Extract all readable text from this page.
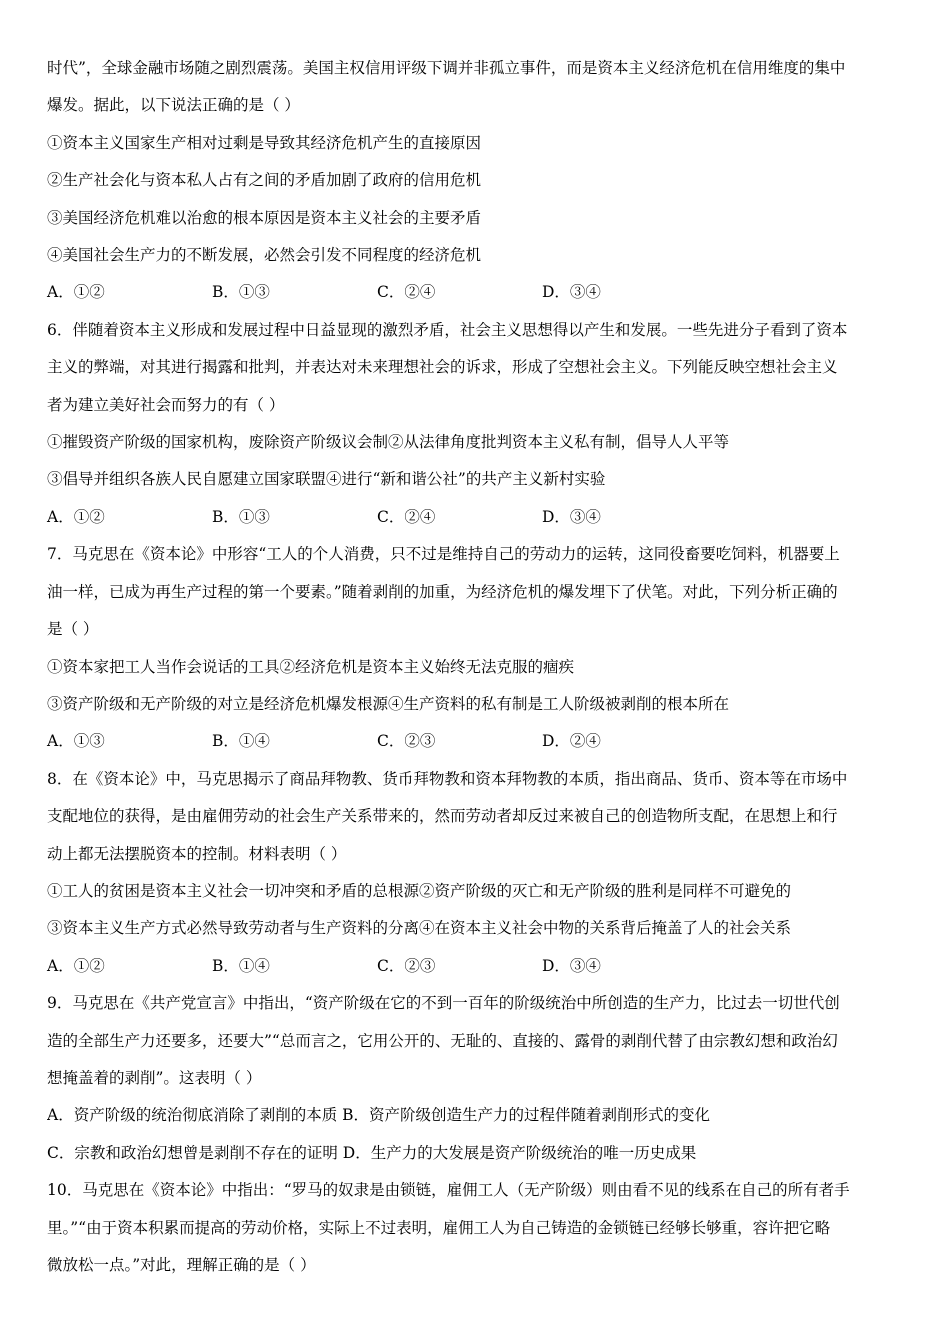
时代”，全球金融市场随之剧烈震荡。美国主权信用评级下调并非孤立事件，而是资本主义经济危机在信用维度的集中
爆发。据此，以下说法正确的是（ ）
①资本主义国家生产相对过剩是导致其经济危机产生的直接原因
②生产社会化与资本私人占有之间的矛盾加剧了政府的信用危机
③美国经济危机难以治愈的根本原因是资本主义社会的主要矛盾
④美国社会生产力的不断发展，必然会引发不同程度的经济危机
A．①②	B．①③	C．②④	D．③④
6．伴随着资本主义形成和发展过程中日益显现的激烈矛盾，社会主义思想得以产生和发展。一些先进分子看到了资本
主义的弊端，对其进行揭露和批判，并表达对未来理想社会的诉求，形成了空想社会主义。下列能反映空想社会主义
者为建立美好社会而努力的有（ ）
①摧毁资产阶级的国家机构，废除资产阶级议会制②从法律角度批判资本主义私有制，倡导人人平等
③倡导并组织各族人民自愿建立国家联盟④进行“新和谐公社”的共产主义新村实验
A．①②	B．①③	C．②④	D．③④
7．马克思在《资本论》中形容“工人的个人消费，只不过是维持自己的劳动力的运转，这同役畜要吃饲料，机器要上
油一样，已成为再生产过程的第一个要素。”随着剥削的加重，为经济危机的爆发埋下了伏笔。对此，下列分析正确的
是（ ）
①资本家把工人当作会说话的工具②经济危机是资本主义始终无法克服的痼疾
③资产阶级和无产阶级的对立是经济危机爆发根源④生产资料的私有制是工人阶级被剥削的根本所在
A．①③	B．①④	C．②③	D．②④
8．在《资本论》中，马克思揭示了商品拜物教、货币拜物教和资本拜物教的本质，指出商品、货币、资本等在市场中
支配地位的获得，是由雇佣劳动的社会生产关系带来的，然而劳动者却反过来被自己的创造物所支配，在思想上和行
动上都无法摆脱资本的控制。材料表明（ ）
①工人的贫困是资本主义社会一切冲突和矛盾的总根源②资产阶级的灭亡和无产阶级的胜利是同样不可避免的
③资本主义生产方式必然导致劳动者与生产资料的分离④在资本主义社会中物的关系背后掩盖了人的社会关系
A．①②	B．①④	C．②③	D．③④
9．马克思在《共产党宣言》中指出，“资产阶级在它的不到一百年的阶级统治中所创造的生产力，比过去一切世代创
造的全部生产力还要多，还要大”“总而言之，它用公开的、无耻的、直接的、露骨的剥削代替了由宗教幻想和政治幻
想掩盖着的剥削”。这表明（ ）
A．资产阶级的统治彻底消除了剥削的本质 B．资产阶级创造生产力的过程伴随着剥削形式的变化
C．宗教和政治幻想曾是剥削不存在的证明 D．生产力的大发展是资产阶级统治的唯一历史成果
10．马克思在《资本论》中指出：“罗马的奴隶是由锁链，雇佣工人（无产阶级）则由看不见的线系在自己的所有者手
里。”“由于资本积累而提高的劳动价格，实际上不过表明，雇佣工人为自己铸造的金锁链已经够长够重，容许把它略
微放松一点。”对此，理解正确的是（ ）
